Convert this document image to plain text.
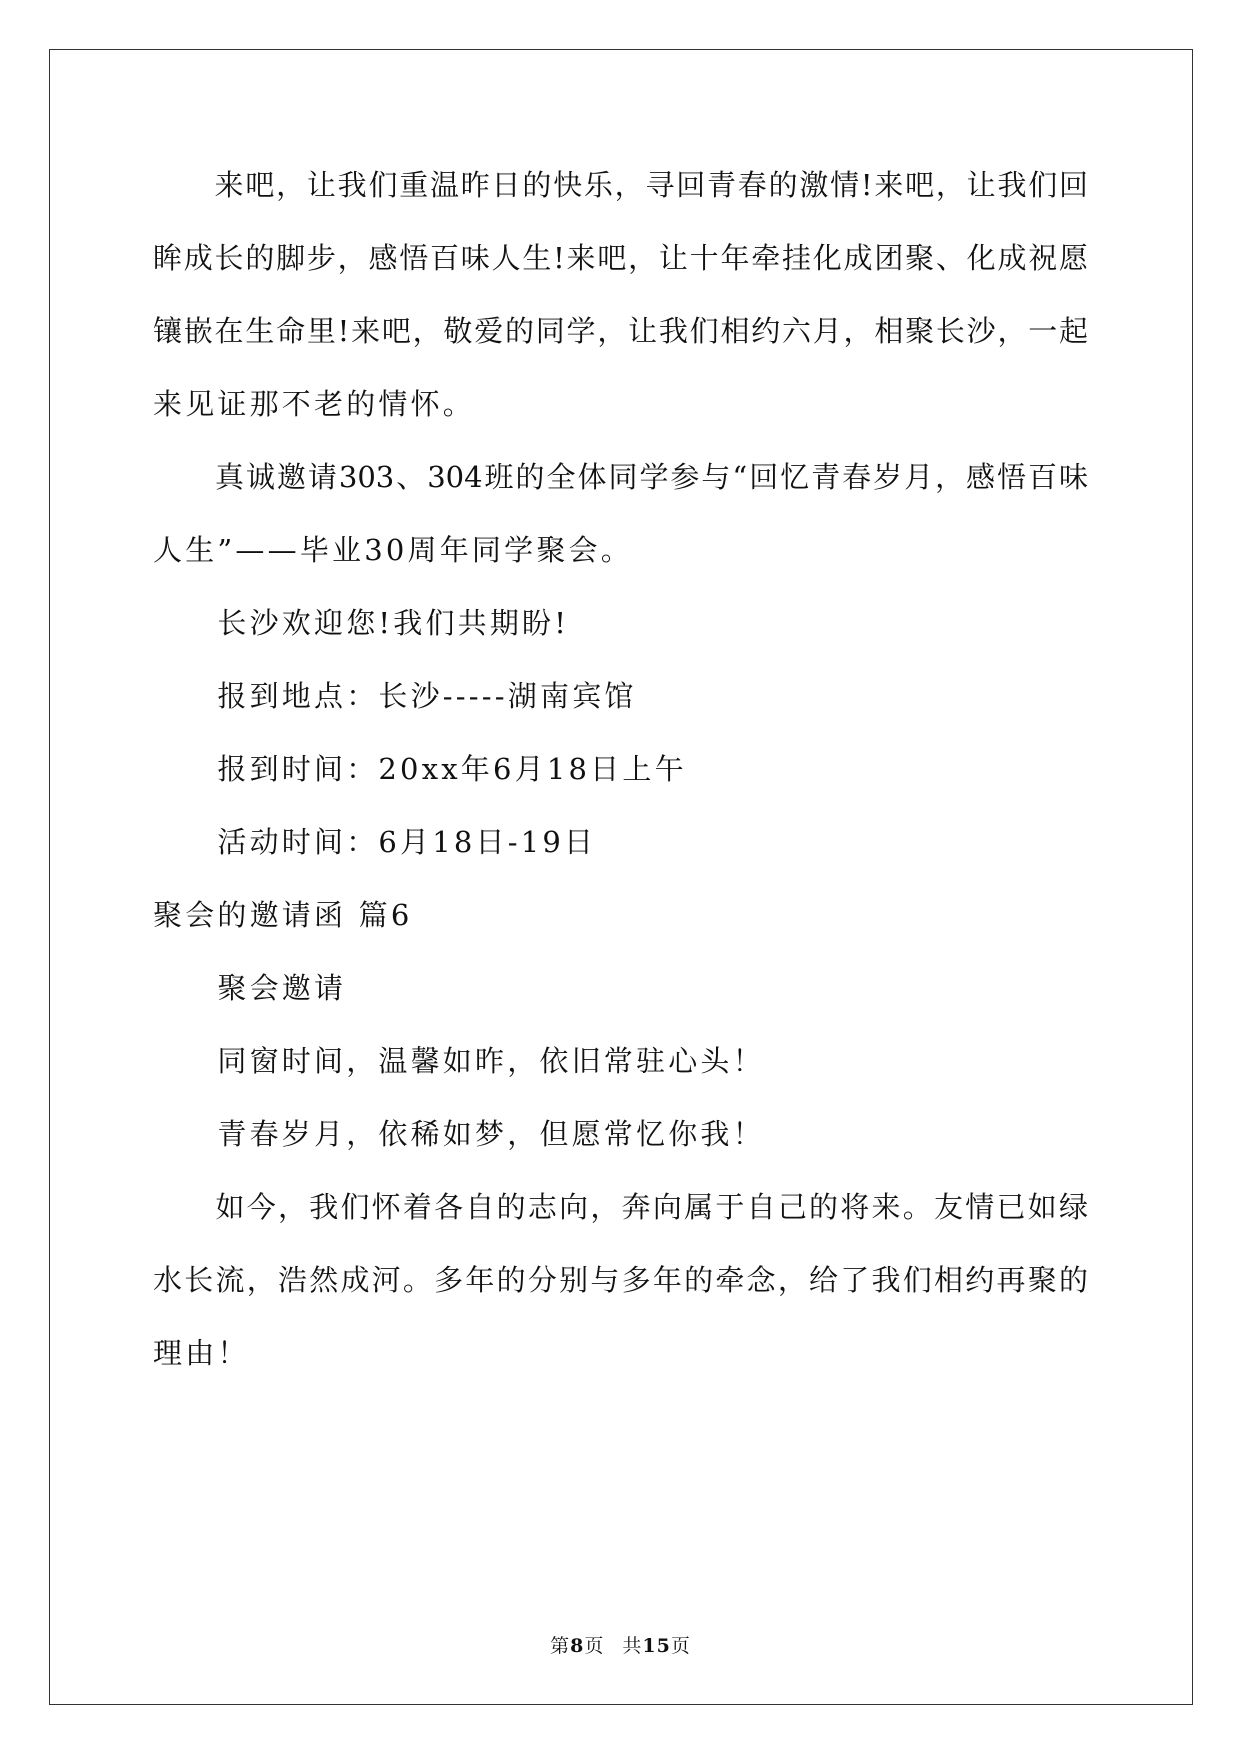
　　来吧，让我们重温昨日的快乐，寻回青春的激情!来吧，让我们回
眸成长的脚步，感悟百味人生!来吧，让十年牵挂化成团聚、化成祝愿
镶嵌在生命里!来吧，敬爱的同学，让我们相约六月，相聚长沙，一起
来见证那不老的情怀。
　　真诚邀请303、304班的全体同学参与“回忆青春岁月，感悟百味
人生”——毕业30周年同学聚会。
　　长沙欢迎您!我们共期盼!
　　报到地点：长沙-----湖南宾馆
　　报到时间：20xx年6月18日上午
　　活动时间：6月18日-19日
聚会的邀请函 篇6
　　聚会邀请
　　同窗时间，温馨如昨，依旧常驻心头！
　　青春岁月，依稀如梦，但愿常忆你我！
　　如今，我们怀着各自的志向，奔向属于自己的将来。友情已如绿
水长流，浩然成河。多年的分别与多年的牵念，给了我们相约再聚的
理由！
第8页 共15页
